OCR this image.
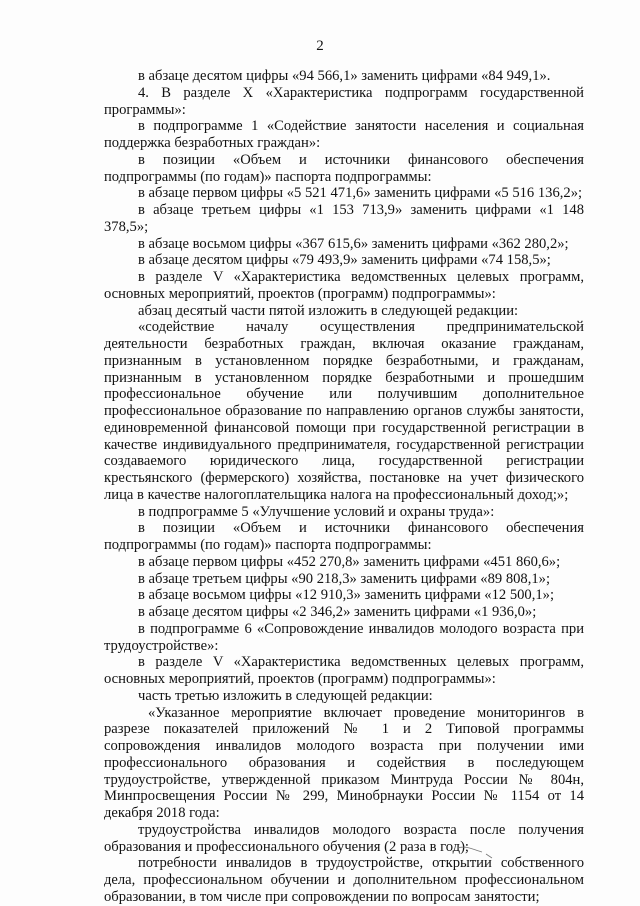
2

в абзаце десятом цифры «94 566,1» заменить цифрами «84 949,1».

4. В разделе X «Характеристика подпрограмм государственной программы»:

в подпрограмме 1 «Содействие занятости населения и социальная поддержка безработных граждан»:

в позиции «Объем и источники финансового обеспечения подпрограммы (по годам)» паспорта подпрограммы:

в абзаце первом цифры «5 521 471,6» заменить цифрами «5 516 136,2»;

в абзаце третьем цифры «1 153 713,9» заменить цифрами «1 148 378,5»;

в абзаце восьмом цифры «367 615,6» заменить цифрами «362 280,2»;

в абзаце десятом цифры «79 493,9» заменить цифрами «74 158,5»;

в разделе V «Характеристика ведомственных целевых программ, основных мероприятий, проектов (программ) подпрограммы»:

абзац десятый части пятой изложить в следующей редакции:

«содействие началу осуществления предпринимательской деятельности безработных граждан, включая оказание гражданам, признанным в установленном порядке безработными, и гражданам, признанным в установленном порядке безработными и прошедшим профессиональное обучение или получившим дополнительное профессиональное образование по направлению органов службы занятости, единовременной финансовой помощи при государственной регистрации в качестве индивидуального предпринимателя, государственной регистрации создаваемого юридического лица, государственной регистрации крестьянского (фермерского) хозяйства, постановке на учет физического лица в качестве налогоплательщика налога на профессиональный доход;»;

в подпрограмме 5 «Улучшение условий и охраны труда»:

в позиции «Объем и источники финансового обеспечения подпрограммы (по годам)» паспорта подпрограммы:

в абзаце первом цифры «452 270,8» заменить цифрами «451 860,6»;

в абзаце третьем цифры «90 218,3» заменить цифрами «89 808,1»;

в абзаце восьмом цифры «12 910,3» заменить цифрами «12 500,1»;

в абзаце десятом цифры «2 346,2» заменить цифрами «1 936,0»;

в подпрограмме 6 «Сопровождение инвалидов молодого возраста при трудоустройстве»:

в разделе V «Характеристика ведомственных целевых программ, основных мероприятий, проектов (программ) подпрограммы»:

часть третью изложить в следующей редакции:

«Указанное мероприятие включает проведение мониторингов в разрезе показателей приложений № 1 и 2 Типовой программы сопровождения инвалидов молодого возраста при получении ими профессионального образования и содействия в последующем трудоустройстве, утвержденной приказом Минтруда России № 804н, Минпросвещения России № 299, Минобрнауки России № 1154 от 14 декабря 2018 года:

трудоустройства инвалидов молодого возраста после получения образования и профессионального обучения (2 раза в год);

потребности инвалидов в трудоустройстве, открытии собственного дела, профессиональном обучении и дополнительном профессиональном образовании, в том числе при сопровождении по вопросам занятости;
